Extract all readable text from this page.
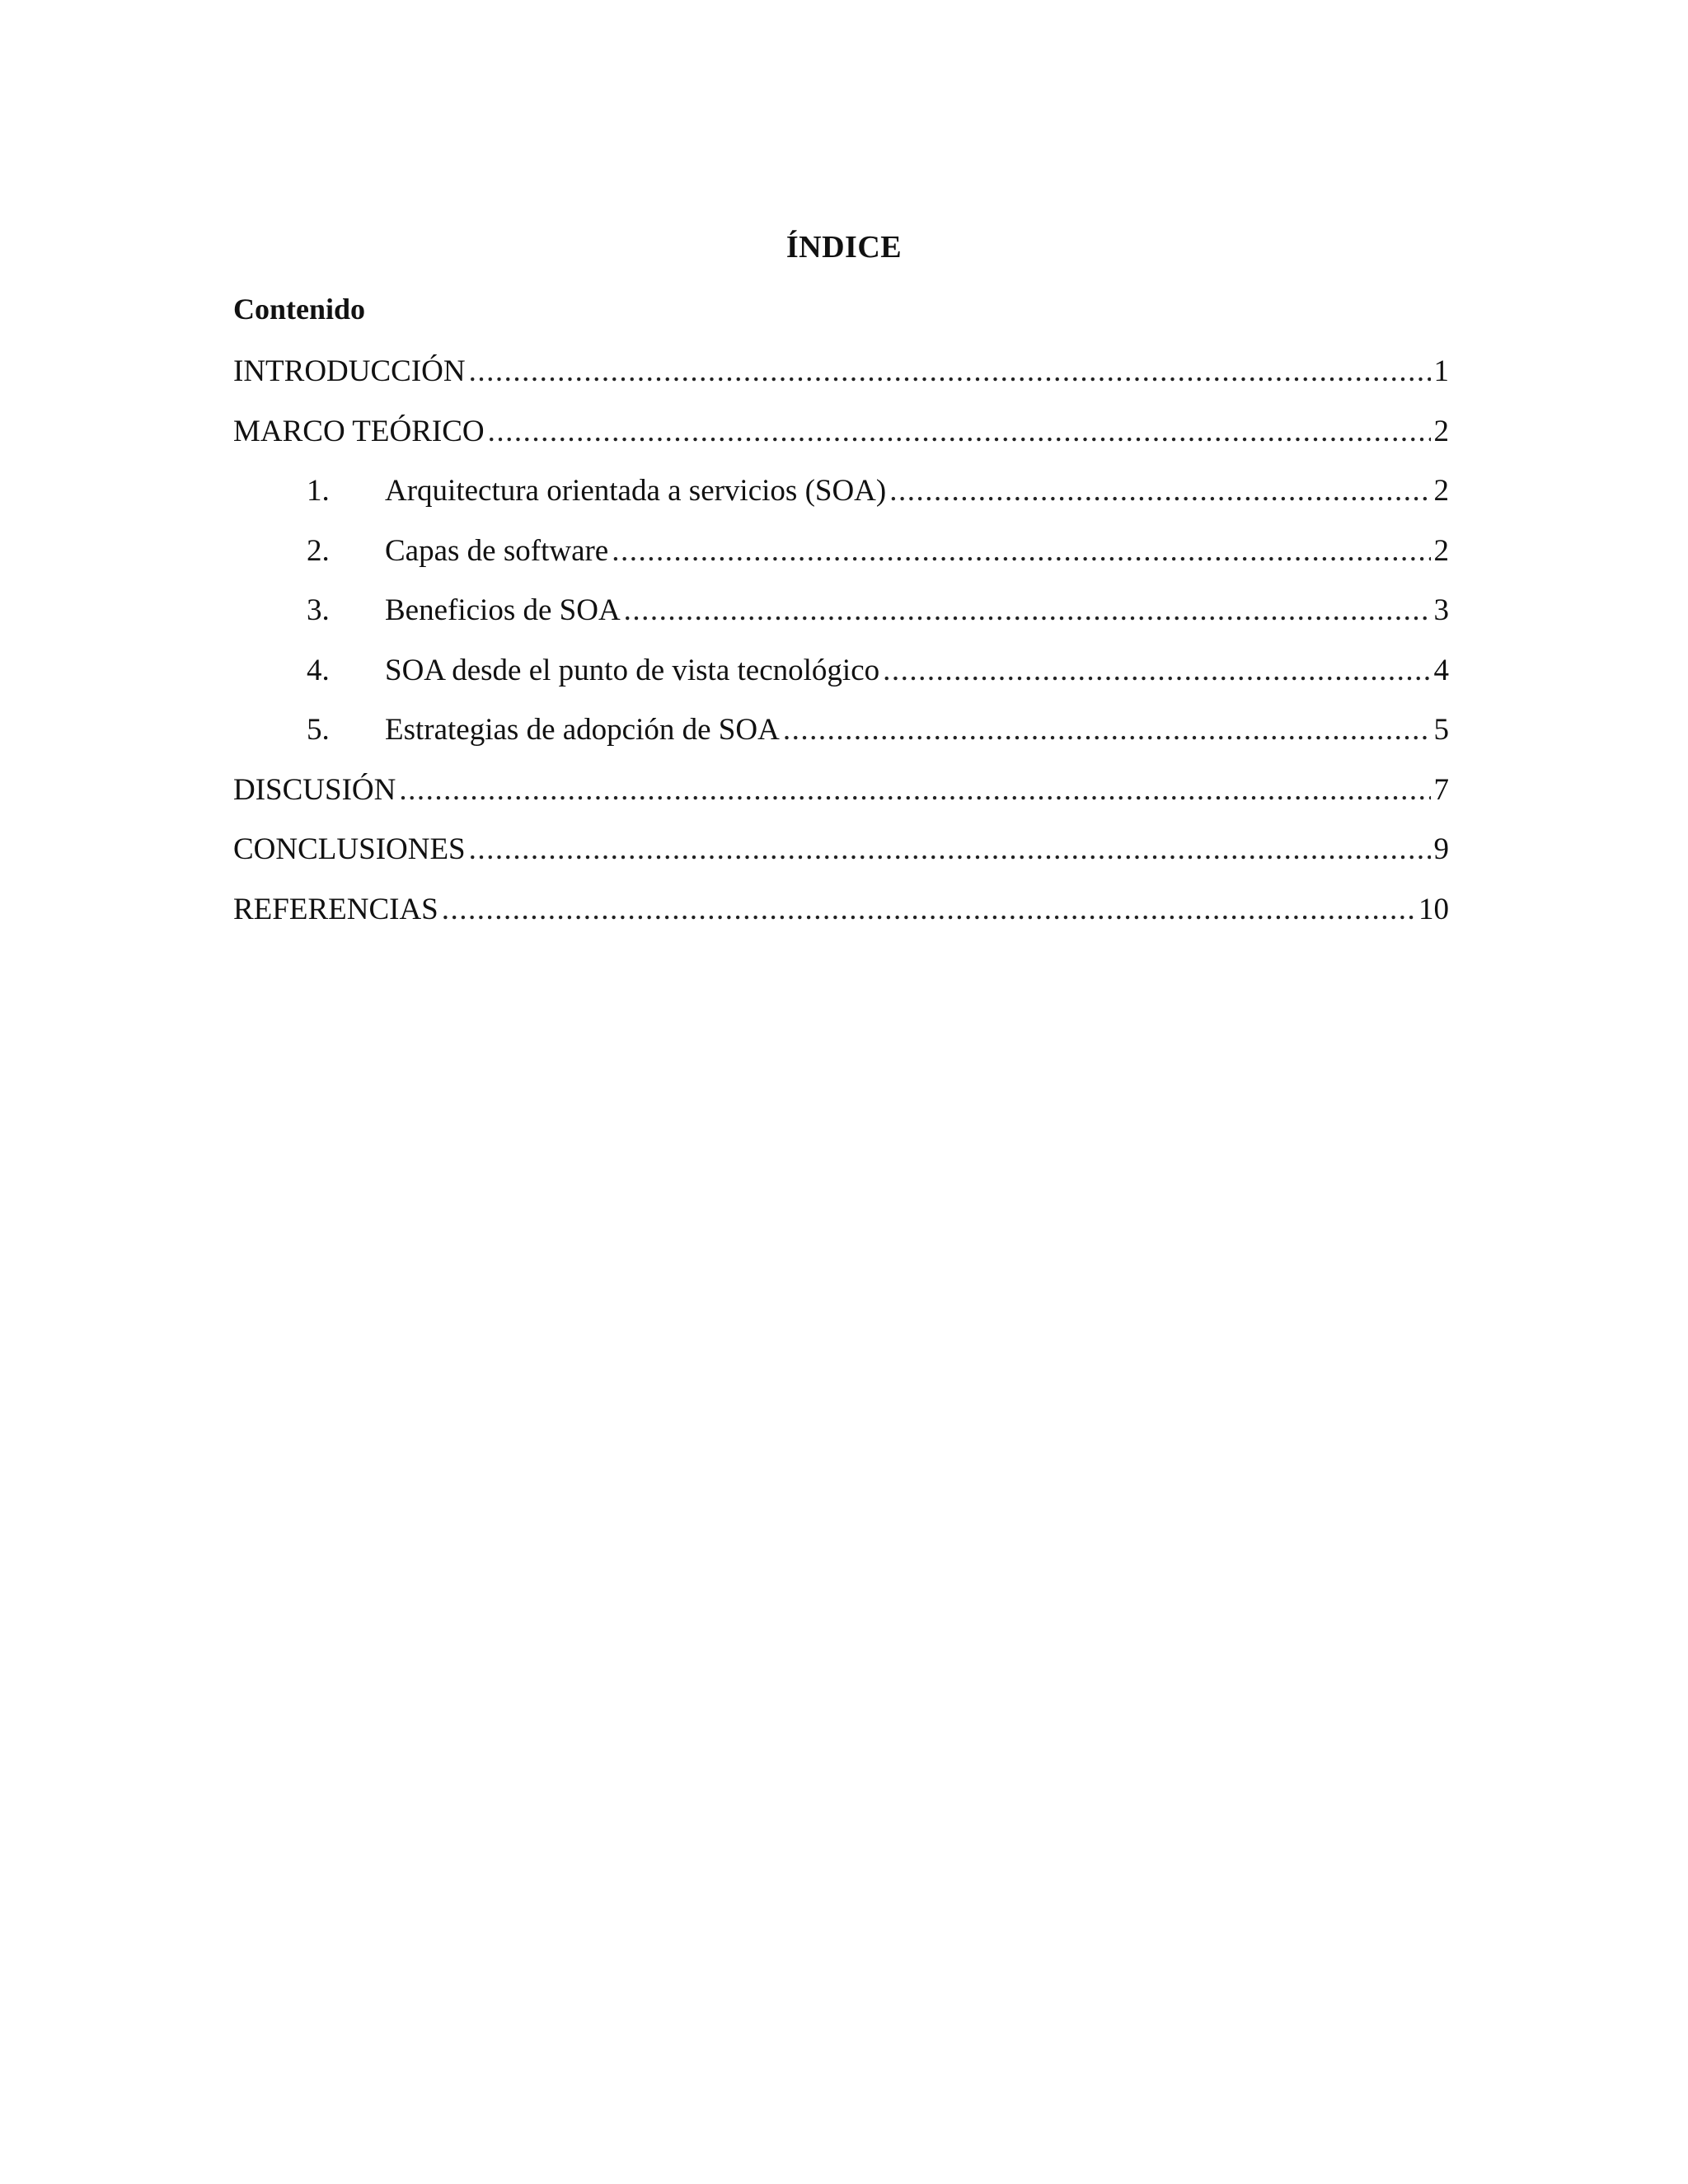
ÍNDICE
Contenido
INTRODUCCIÓN .....	1
MARCO TEÓRICO .....	2
1.	Arquitectura orientada a servicios (SOA) .....	2
2.	Capas de software .....	2
3.	Beneficios de SOA .....	3
4.	SOA desde el punto de vista tecnológico .....	4
5.	Estrategias de adopción de SOA .....	5
DISCUSIÓN .....	7
CONCLUSIONES .....	9
REFERENCIAS .....	10
